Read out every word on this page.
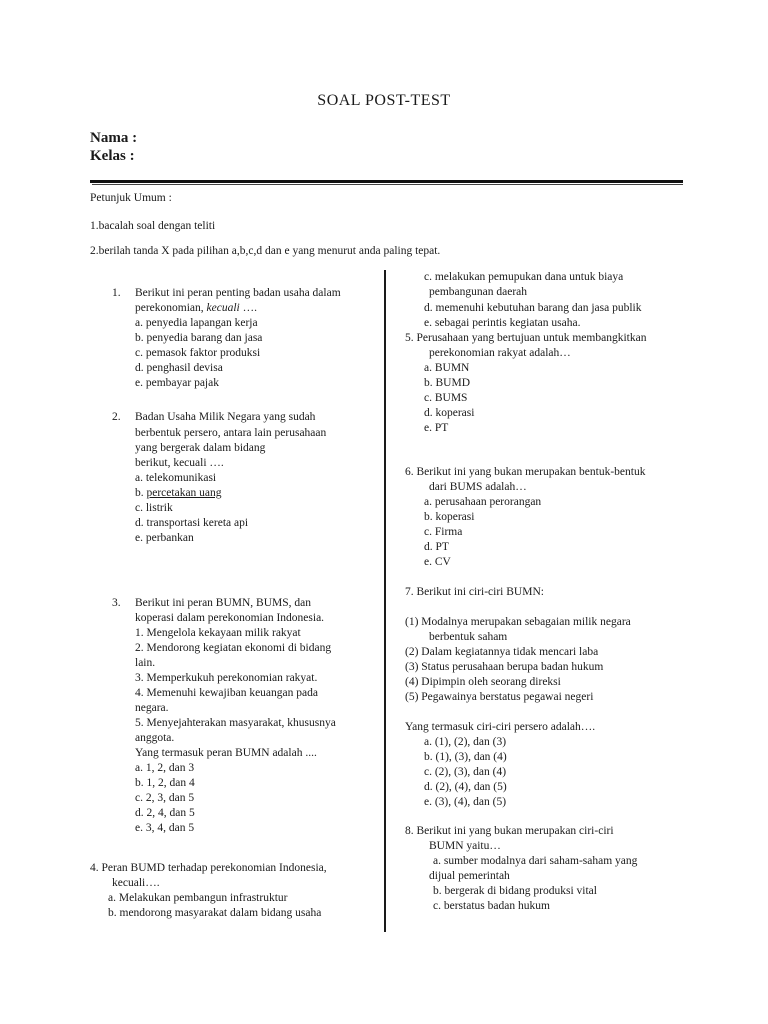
SOAL POST-TEST
Nama :
Kelas :
Petunjuk Umum :
1.bacalah soal dengan teliti
2.berilah tanda X pada pilihan a,b,c,d dan e yang menurut anda paling tepat.
1. Berikut ini peran penting badan usaha dalam
perekonomian, kecuali ….
a. penyedia lapangan kerja
b. penyedia barang dan jasa
c. pemasok faktor produksi
d. penghasil devisa
e. pembayar pajak
2. Badan Usaha Milik Negara yang sudah
berbentuk persero, antara lain perusahaan
yang bergerak dalam bidang
berikut, kecuali ….
a. telekomunikasi
b. percetakan uang
c. listrik
d. transportasi kereta api
e. perbankan
3. Berikut ini peran BUMN, BUMS, dan
koperasi dalam perekonomian Indonesia.
1. Mengelola kekayaan milik rakyat
2. Mendorong kegiatan ekonomi di bidang
lain.
3. Memperkukuh perekonomian rakyat.
4. Memenuhi kewajiban keuangan pada
negara.
5. Menyejahterakan masyarakat, khususnya
anggota.
Yang termasuk peran BUMN adalah ....
a. 1, 2, dan 3
b. 1, 2, dan 4
c. 2, 3, dan 5
d. 2, 4, dan 5
e. 3, 4, dan 5
4. Peran BUMD terhadap perekonomian Indonesia,
kecuali….
a. Melakukan pembangun infrastruktur
b. mendorong masyarakat dalam bidang usaha
c. melakukan pemupukan dana untuk biaya
pembangunan daerah
d. memenuhi kebutuhan barang dan jasa publik
e. sebagai perintis kegiatan usaha.
5. Perusahaan yang bertujuan untuk membangkitkan
perekonomian rakyat adalah…
a. BUMN
b. BUMD
c. BUMS
d. koperasi
e. PT
6. Berikut ini yang bukan merupakan bentuk-bentuk
dari BUMS adalah…
a. perusahaan perorangan
b. koperasi
c. Firma
d. PT
e. CV
7. Berikut ini ciri-ciri BUMN:
(1) Modalnya merupakan sebagaian milik negara
berbentuk saham
(2) Dalam kegiatannya tidak mencari laba
(3) Status perusahaan berupa badan hukum
(4) Dipimpin oleh seorang direksi
(5) Pegawainya berstatus pegawai negeri
Yang termasuk ciri-ciri persero adalah….
a. (1), (2), dan (3)
b. (1), (3), dan (4)
c. (2), (3), dan (4)
d. (2), (4), dan (5)
e. (3), (4), dan (5)
8. Berikut ini yang bukan merupakan ciri-ciri
BUMN yaitu…
a. sumber modalnya dari saham-saham yang
dijual pemerintah
b. bergerak di bidang produksi vital
c. berstatus badan hukum
